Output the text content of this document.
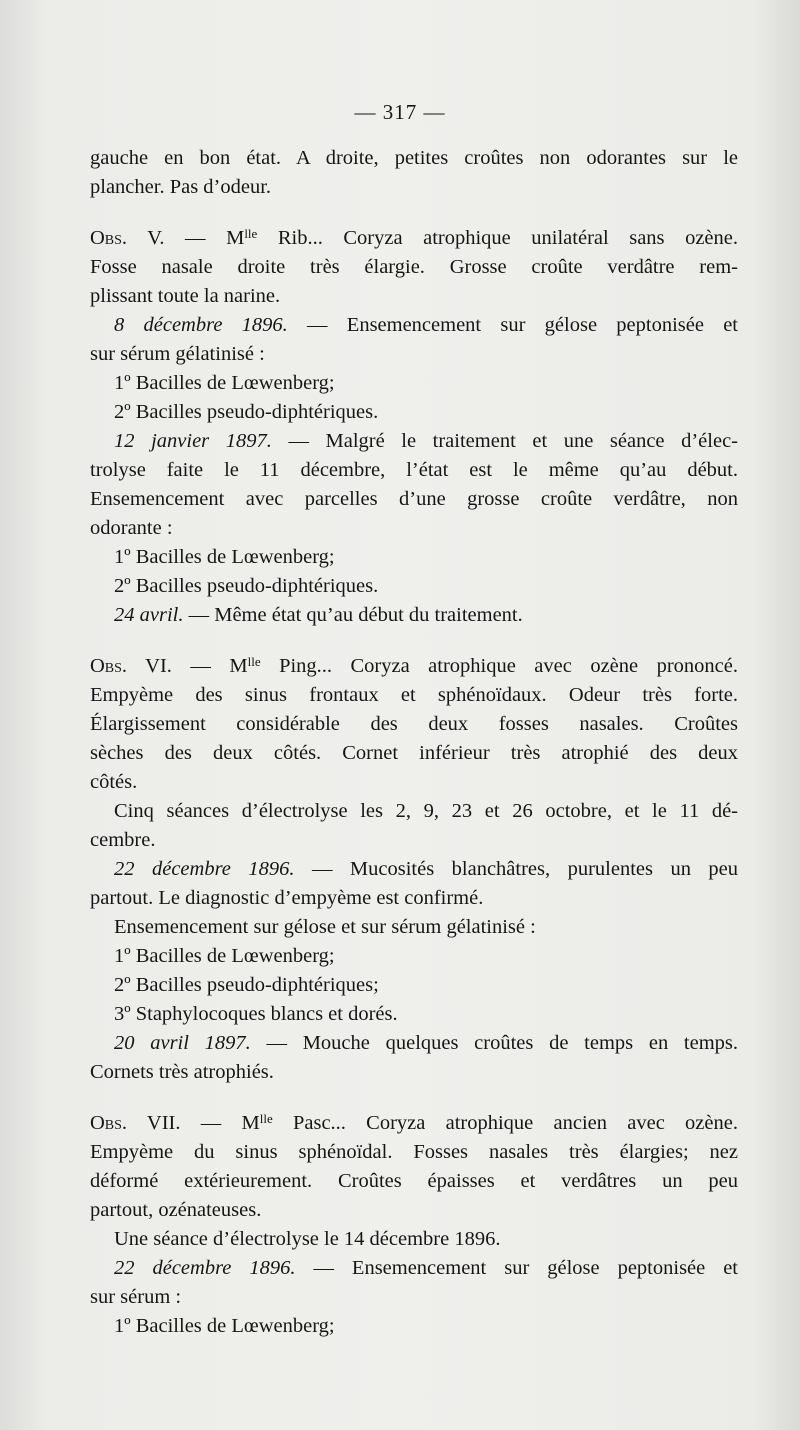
— 317 —
gauche en bon état. A droite, petites croûtes non odorantes sur le
plancher. Pas d’odeur.
Obs. V. — $M^{lle}$ Rib... Coryza atrophique unilatéral sans ozène.
Fosse nasale droite très élargie. Grosse croûte verdâtre rem-
plissant toute la narine.
8 décembre 1896. — Ensemencement sur gélose peptonisée et
sur sérum gélatinisé :
1º Bacilles de Lœwenberg;
2º Bacilles pseudo-diphtériques.
12 janvier 1897. — Malgré le traitement et une séance d’élec-
trolyse faite le 11 décembre, l’état est le même qu’au début.
Ensemencement avec parcelles d’une grosse croûte verdâtre, non
odorante :
1º Bacilles de Lœwenberg;
2º Bacilles pseudo-diphtériques.
24 avril. — Même état qu’au début du traitement.
Obs. VI. — $M^{lle}$ Ping... Coryza atrophique avec ozène prononcé.
Empyème des sinus frontaux et sphénoïdaux. Odeur très forte.
Élargissement considérable des deux fosses nasales. Croûtes
sèches des deux côtés. Cornet inférieur très atrophié des deux
côtés.
Cinq séances d’électrolyse les 2, 9, 23 et 26 octobre, et le 11 dé-
cembre.
22 décembre 1896. — Mucosités blanchâtres, purulentes un peu
partout. Le diagnostic d’empyème est confirmé.
Ensemencement sur gélose et sur sérum gélatinisé :
1º Bacilles de Lœwenberg;
2º Bacilles pseudo-diphtériques;
3º Staphylocoques blancs et dorés.
20 avril 1897. — Mouche quelques croûtes de temps en temps.
Cornets très atrophiés.
Obs. VII. — $M^{lle}$ Pasc... Coryza atrophique ancien avec ozène.
Empyème du sinus sphénoïdal. Fosses nasales très élargies; nez
déformé extérieurement. Croûtes épaisses et verdâtres un peu
partout, ozénateuses.
Une séance d’électrolyse le 14 décembre 1896.
22 décembre 1896. — Ensemencement sur gélose peptonisée et
sur sérum :
1º Bacilles de Lœwenberg;
